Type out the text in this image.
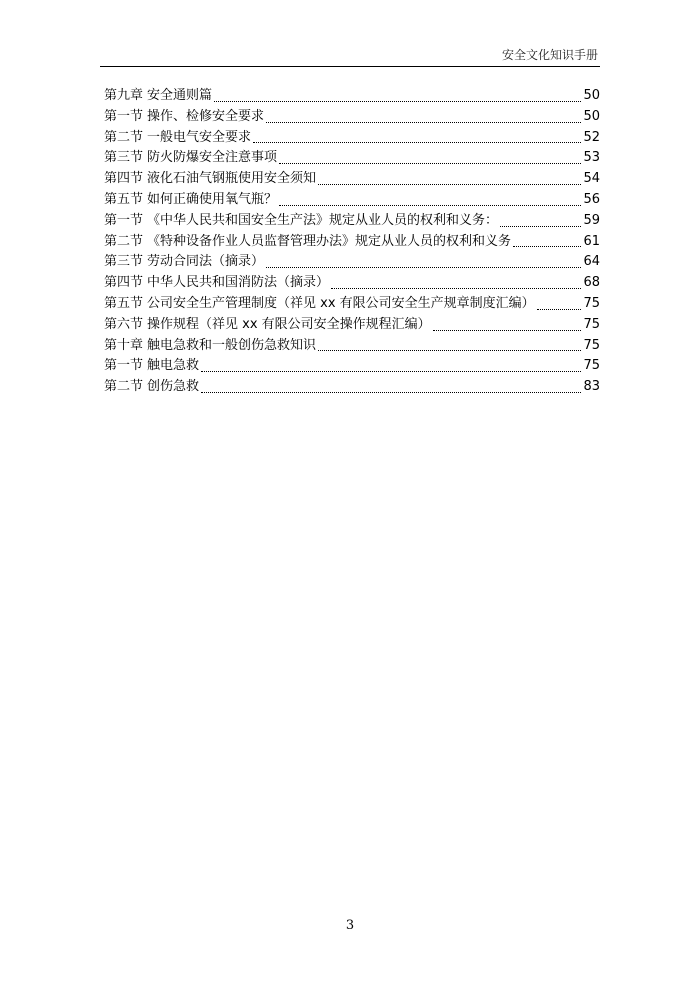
安全文化知识手册
第九章 安全通则篇	50
第一节 操作、检修安全要求	50
第二节 一般电气安全要求	52
第三节 防火防爆安全注意事项	53
第四节 液化石油气钢瓶使用安全须知	54
第五节 如何正确使用氧气瓶？	56
第一节 《中华人民共和国安全生产法》规定从业人员的权利和义务：	59
第二节 《特种设备作业人员监督管理办法》规定从业人员的权利和义务	61
第三节 劳动合同法（摘录）	64
第四节 中华人民共和国消防法（摘录）	68
第五节 公司安全生产管理制度（祥见 xx 有限公司安全生产规章制度汇编）	75
第六节 操作规程（祥见 xx 有限公司安全操作规程汇编）	75
第十章 触电急救和一般创伤急救知识	75
第一节 触电急救	75
第二节 创伤急救	83
3
